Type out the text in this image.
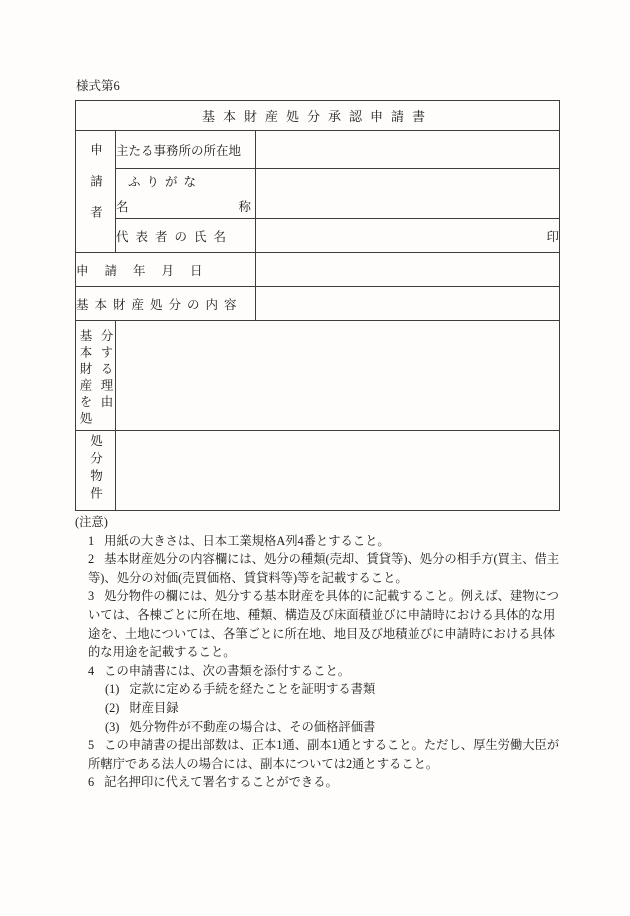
様式第6
基本財産処分承認申請書		
申請者	主たる事務所の所在地	

	ふりがな
名 称	

	代表者の氏名	印
申請年月日		
基本財産処分の内容		

基本財産を処 分する理由		

処分物件		
(注意)
1 用紙の大きさは、日本工業規格A列4番とすること。
2 基本財産処分の内容欄には、処分の種類(売却、賃貸等)、処分の相手方(買主、借主等)、処分の対価(売買価格、賃貸料等)等を記載すること。
3 処分物件の欄には、処分する基本財産を具体的に記載すること。例えば、建物については、各棟ごとに所在地、種類、構造及び床面積並びに申請時における具体的な用途を、土地については、各筆ごとに所在地、地目及び地積並びに申請時における具体的な用途を記載すること。
4 この申請書には、次の書類を添付すること。
(1) 定款に定める手続を経たことを証明する書類
(2) 財産目録
(3) 処分物件が不動産の場合は、その価格評価書
5 この申請書の提出部数は、正本1通、副本1通とすること。ただし、厚生労働大臣が所轄庁である法人の場合には、副本については2通とすること。
6 記名押印に代えて署名することができる。
